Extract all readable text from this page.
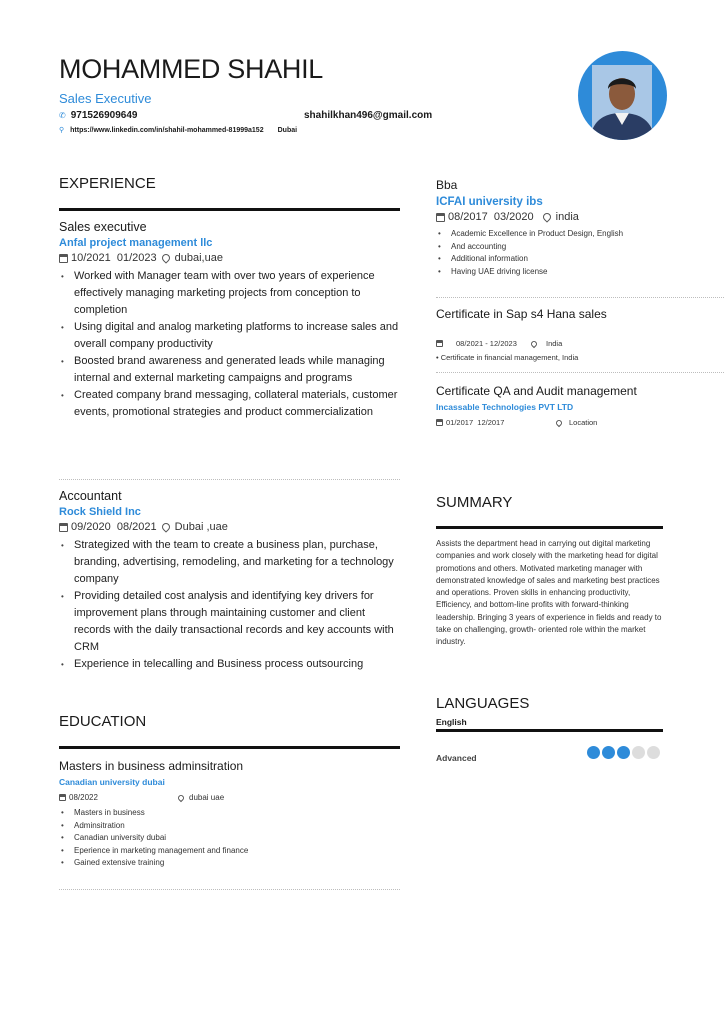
MOHAMMED SHAHIL
Sales Executive
✆ 971526909649	shahilkhan496@gmail.com
⚲ https://www.linkedin.com/in/shahil-mohammed-81999a152 Dubai
EXPERIENCE
Sales executive
Anfal project management llc
10/2021  01/2023 dubai,uae
• Worked with Manager team with over two years of experience effectively managing marketing projects from conception to completion
• Using digital and analog marketing platforms to increase sales and overall company productivity
• Boosted brand awareness and generated leads while managing internal and external marketing campaigns and programs
• Created company brand messaging, collateral materials, customer events, promotional strategies and product commercialization
Accountant
Rock Shield Inc
09/2020  08/2021 Dubai ,uae
• Strategized with the team to create a business plan, purchase, branding, advertising, remodeling, and marketing for a technology company
• Providing detailed cost analysis and identifying key drivers for improvement plans through maintaining customer and client records with the daily transactional records and key accounts with CRM
• Experience in telecalling and Business process outsourcing
EDUCATION
Masters in business adminsitration
Canadian university dubai
08/2022	dubai uae
• Masters in business
• Adminsitration
• Canadian university dubai
• Eperience in marketing management and finance
• Gained extensive training
Bba
ICFAI university ibs
08/2017  03/2020 india
• Academic Excellence in Product Design, English
• And accounting
• Additional information
• Having UAE driving license
Certificate in Sap s4 Hana sales
08/2021 - 12/2023	India
• Certificate in financial management, India
Certificate QA and Audit management
Incassable Technologies PVT LTD
01/2017  12/2017	Location
SUMMARY
Assists the department head in carrying out digital marketing companies and work closely with the marketing head for digital promotions and others. Motivated marketing manager with demonstrated knowledge of sales and marketing best practices and operations. Proven skills in enhancing productivity, Efficiency, and bottom-line profits with forward-thinking leadership. Bringing 3 years of experience in fields and ready to take on challenging, growth- oriented role within the market industry.
LANGUAGES
English
Advanced
